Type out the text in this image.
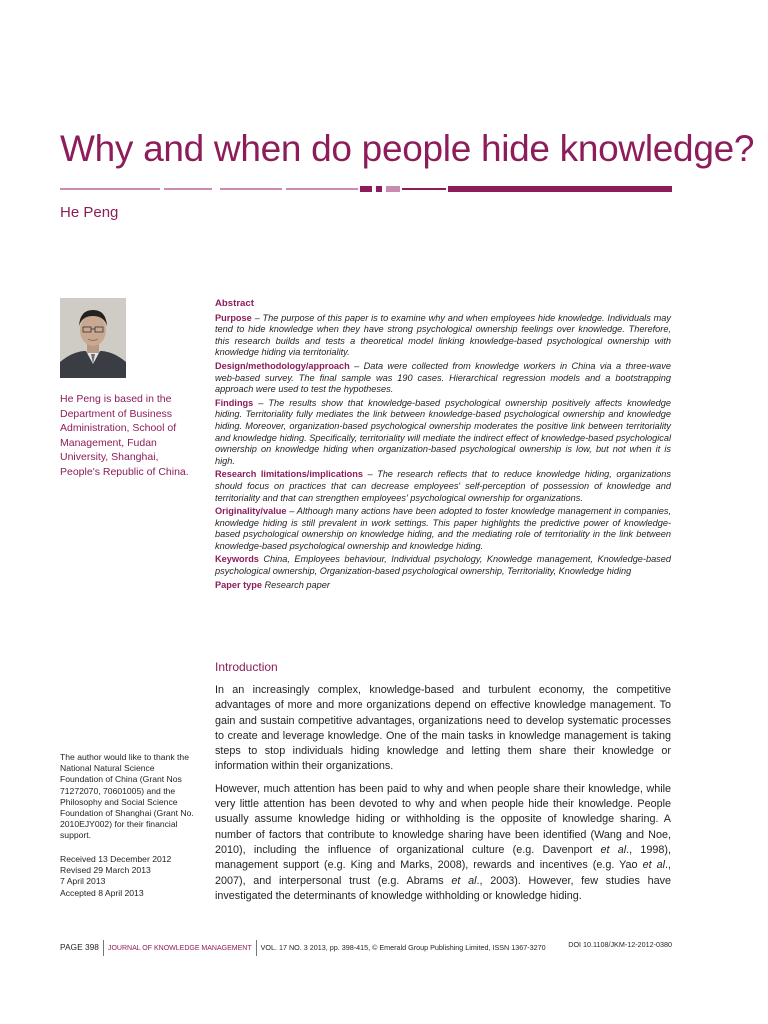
Why and when do people hide knowledge?
He Peng
He Peng is based in the Department of Business Administration, School of Management, Fudan University, Shanghai, People's Republic of China.
The author would like to thank the National Natural Science Foundation of China (Grant Nos 71272070, 70601005) and the Philosophy and Social Science Foundation of Shanghai (Grant No. 2010EJY002) for their financial support.
Received 13 December 2012
Revised 29 March 2013
7 April 2013
Accepted 8 April 2013
Abstract

Purpose – The purpose of this paper is to examine why and when employees hide knowledge. Individuals may tend to hide knowledge when they have strong psychological ownership feelings over knowledge. Therefore, this research builds and tests a theoretical model linking knowledge-based psychological ownership with knowledge hiding via territoriality.

Design/methodology/approach – Data were collected from knowledge workers in China via a three-wave web-based survey. The final sample was 190 cases. Hierarchical regression models and a bootstrapping approach were used to test the hypotheses.

Findings – The results show that knowledge-based psychological ownership positively affects knowledge hiding. Territoriality fully mediates the link between knowledge-based psychological ownership and knowledge hiding. Moreover, organization-based psychological ownership moderates the positive link between territoriality and knowledge hiding. Specifically, territoriality will mediate the indirect effect of knowledge-based psychological ownership on knowledge hiding when organization-based psychological ownership is low, but not when it is high.

Research limitations/implications – The research reflects that to reduce knowledge hiding, organizations should focus on practices that can decrease employees' self-perception of possession of knowledge and territoriality and that can strengthen employees' psychological ownership for organizations.

Originality/value – Although many actions have been adopted to foster knowledge management in companies, knowledge hiding is still prevalent in work settings. This paper highlights the predictive power of knowledge-based psychological ownership on knowledge hiding, and the mediating role of territoriality in the link between knowledge-based psychological ownership and knowledge hiding.

Keywords China, Employees behaviour, Individual psychology, Knowledge management, Knowledge-based psychological ownership, Organization-based psychological ownership, Territoriality, Knowledge hiding

Paper type Research paper

Introduction

In an increasingly complex, knowledge-based and turbulent economy, the competitive advantages of more and more organizations depend on effective knowledge management. To gain and sustain competitive advantages, organizations need to develop systematic processes to create and leverage knowledge. One of the main tasks in knowledge management is taking steps to stop individuals hiding knowledge and letting them share their knowledge or information within their organizations.

However, much attention has been paid to why and when people share their knowledge, while very little attention has been devoted to why and when people hide their knowledge. People usually assume knowledge hiding or withholding is the opposite of knowledge sharing. A number of factors that contribute to knowledge sharing have been identified (Wang and Noe, 2010), including the influence of organizational culture (e.g. Davenport et al., 1998), management support (e.g. King and Marks, 2008), rewards and incentives (e.g. Yao et al., 2007), and interpersonal trust (e.g. Abrams et al., 2003). However, few studies have investigated the determinants of knowledge withholding or knowledge hiding.

PAGE 398 JOURNAL OF KNOWLEDGE MANAGEMENT VOL. 17 NO. 3 2013, pp. 398-415, © Emerald Group Publishing Limited, ISSN 1367-3270	DOI 10.1108/JKM-12-2012-0380
